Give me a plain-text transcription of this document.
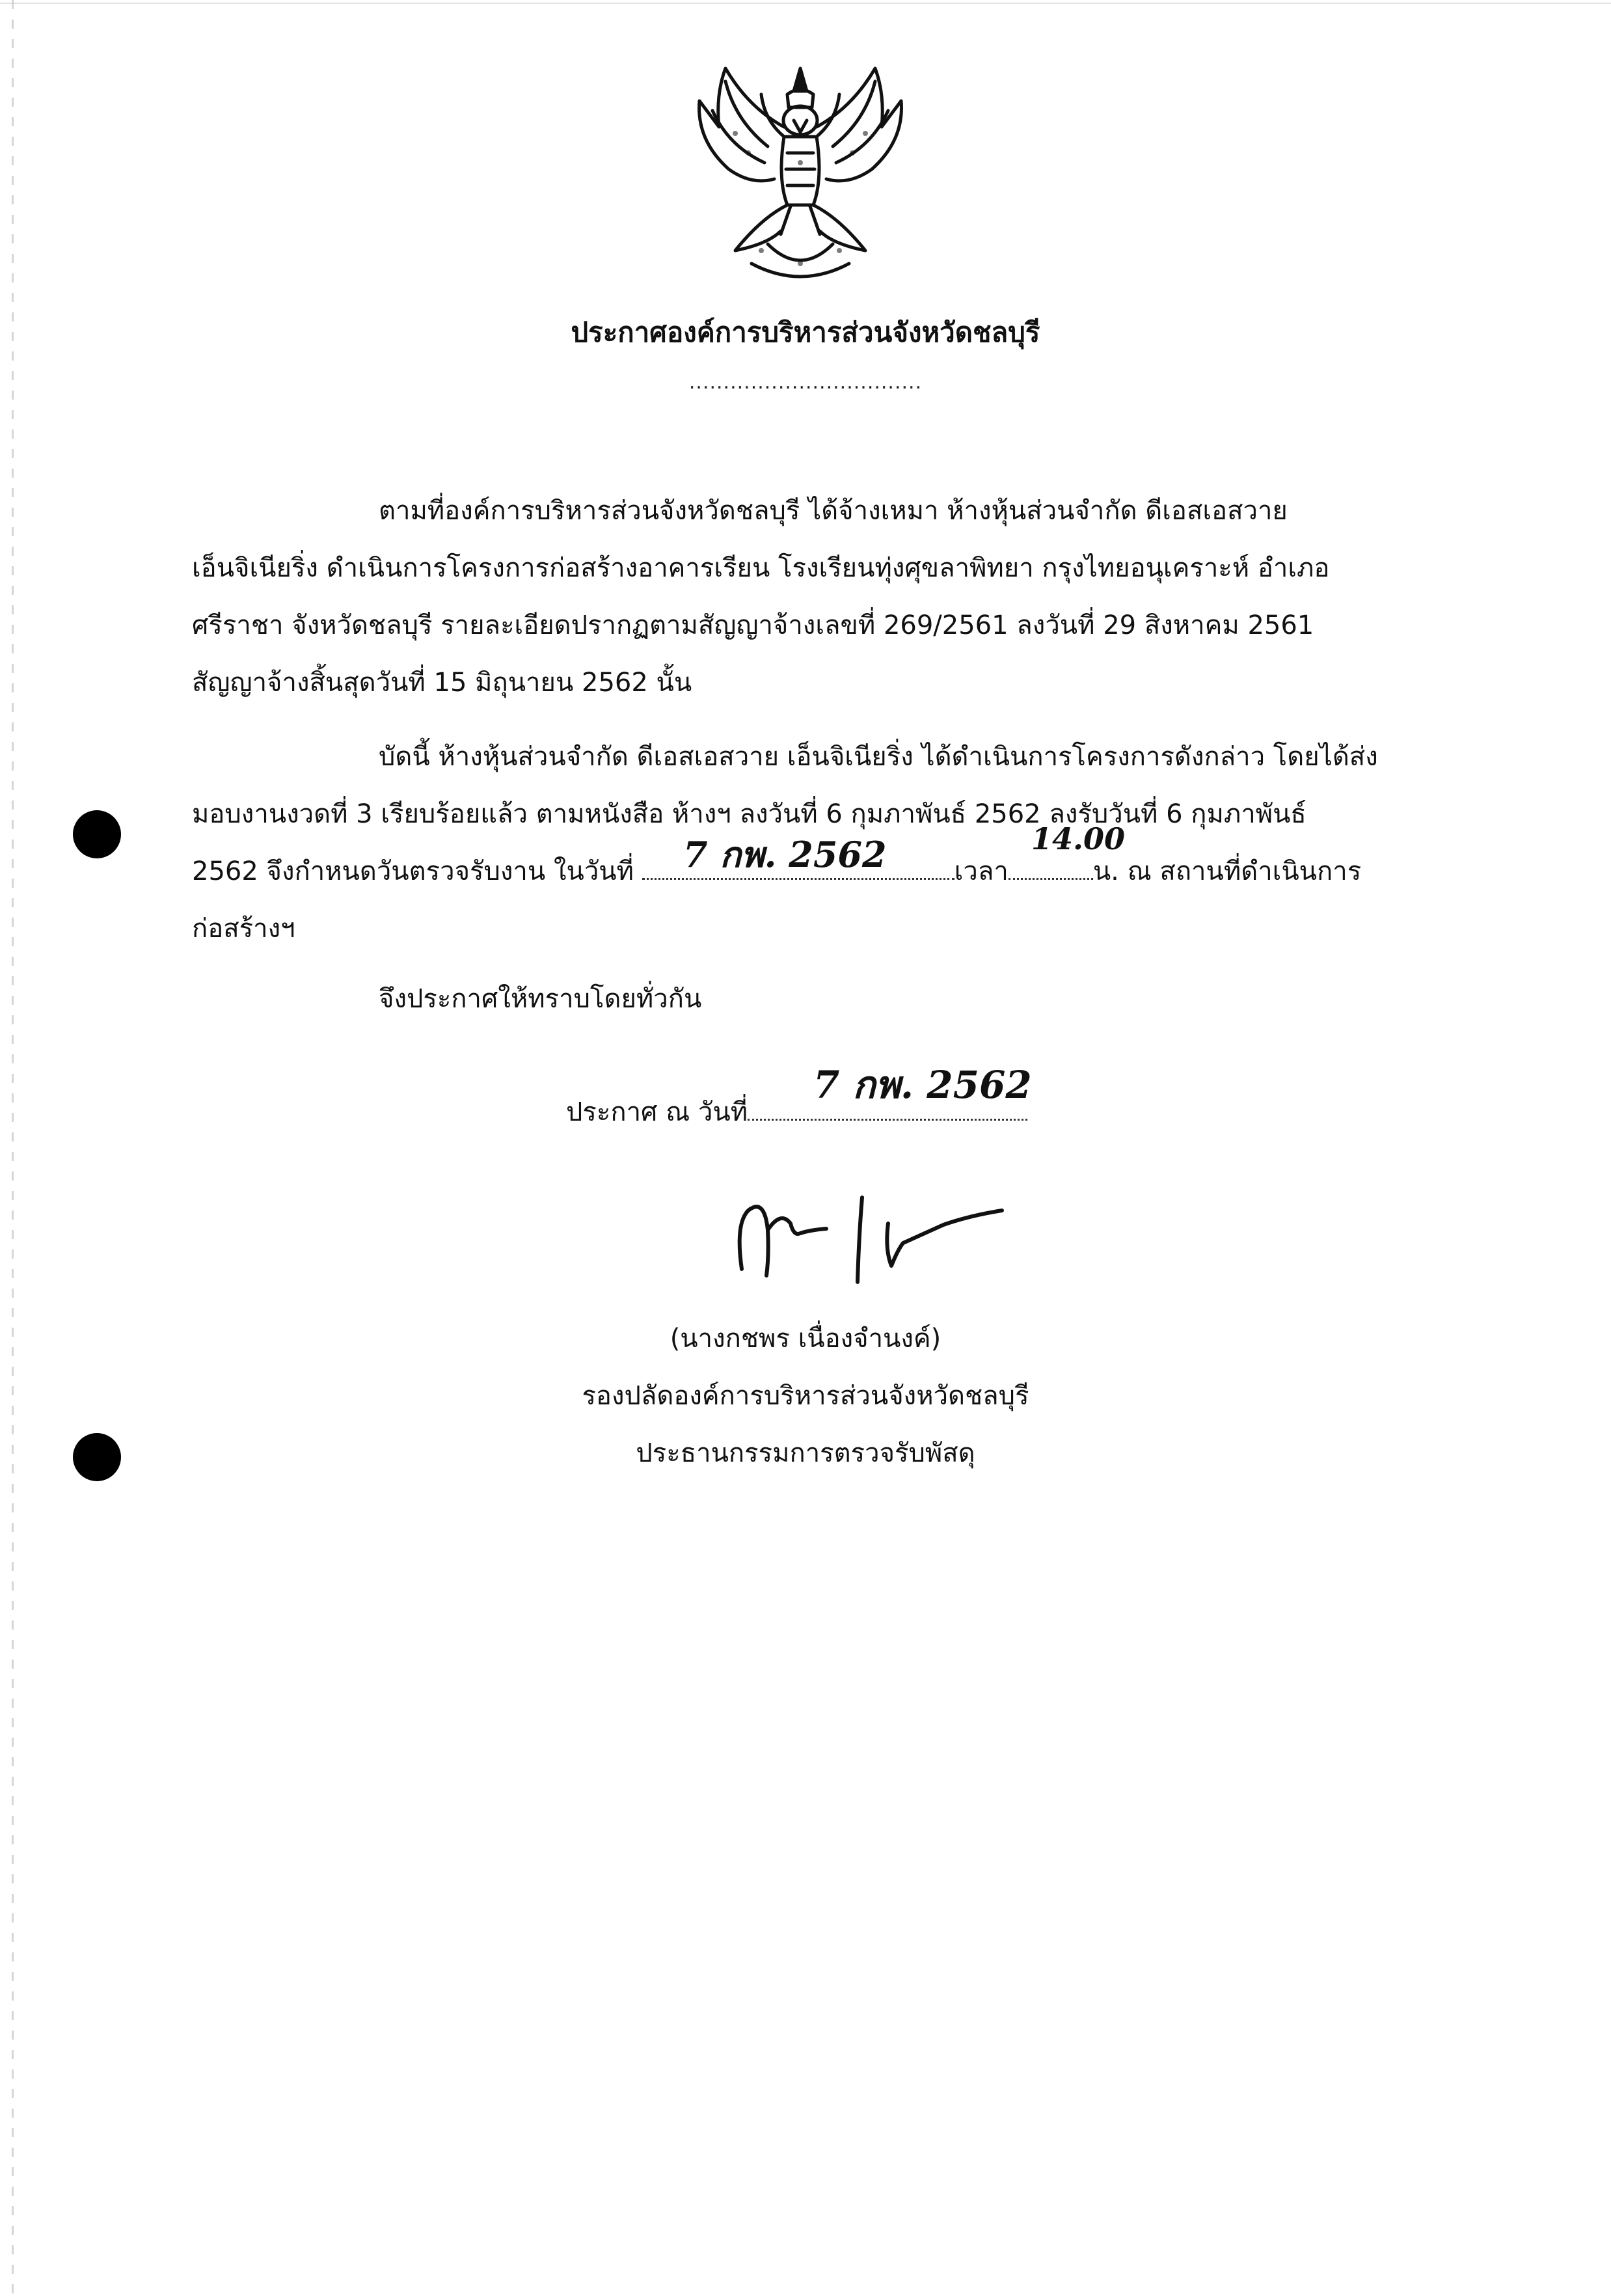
ประกาศองค์การบริหารส่วนจังหวัดชลบุรี
..................................
ตามที่องค์การบริหารส่วนจังหวัดชลบุรี ได้จ้างเหมา ห้างหุ้นส่วนจำกัด ดีเอสเอสวาย
เอ็นจิเนียริ่ง ดำเนินการโครงการก่อสร้างอาคารเรียน โรงเรียนทุ่งศุขลาพิทยา กรุงไทยอนุเคราะห์ อำเภอ
ศรีราชา จังหวัดชลบุรี รายละเอียดปรากฏตามสัญญาจ้างเลขที่ 269/2561 ลงวันที่ 29 สิงหาคม 2561
สัญญาจ้างสิ้นสุดวันที่ 15 มิถุนายน 2562 นั้น
บัดนี้ ห้างหุ้นส่วนจำกัด ดีเอสเอสวาย เอ็นจิเนียริ่ง ได้ดำเนินการโครงการดังกล่าว โดยได้ส่ง
มอบงานงวดที่ 3 เรียบร้อยแล้ว ตามหนังสือ ห้างฯ ลงวันที่ 6 กุมภาพันธ์ 2562 ลงรับวันที่ 6 กุมภาพันธ์
2562 จึงกำหนดวันตรวจรับงาน ในวันที่	เวลา	น. ณ สถานที่ดำเนินการ
7 กพ. 2562	14.00
ก่อสร้างฯ
จึงประกาศให้ทราบโดยทั่วกัน
ประกาศ ณ วันที่
7 กพ. 2562
(นางกชพร เนื่องจำนงค์)
รองปลัดองค์การบริหารส่วนจังหวัดชลบุรี
ประธานกรรมการตรวจรับพัสดุ
